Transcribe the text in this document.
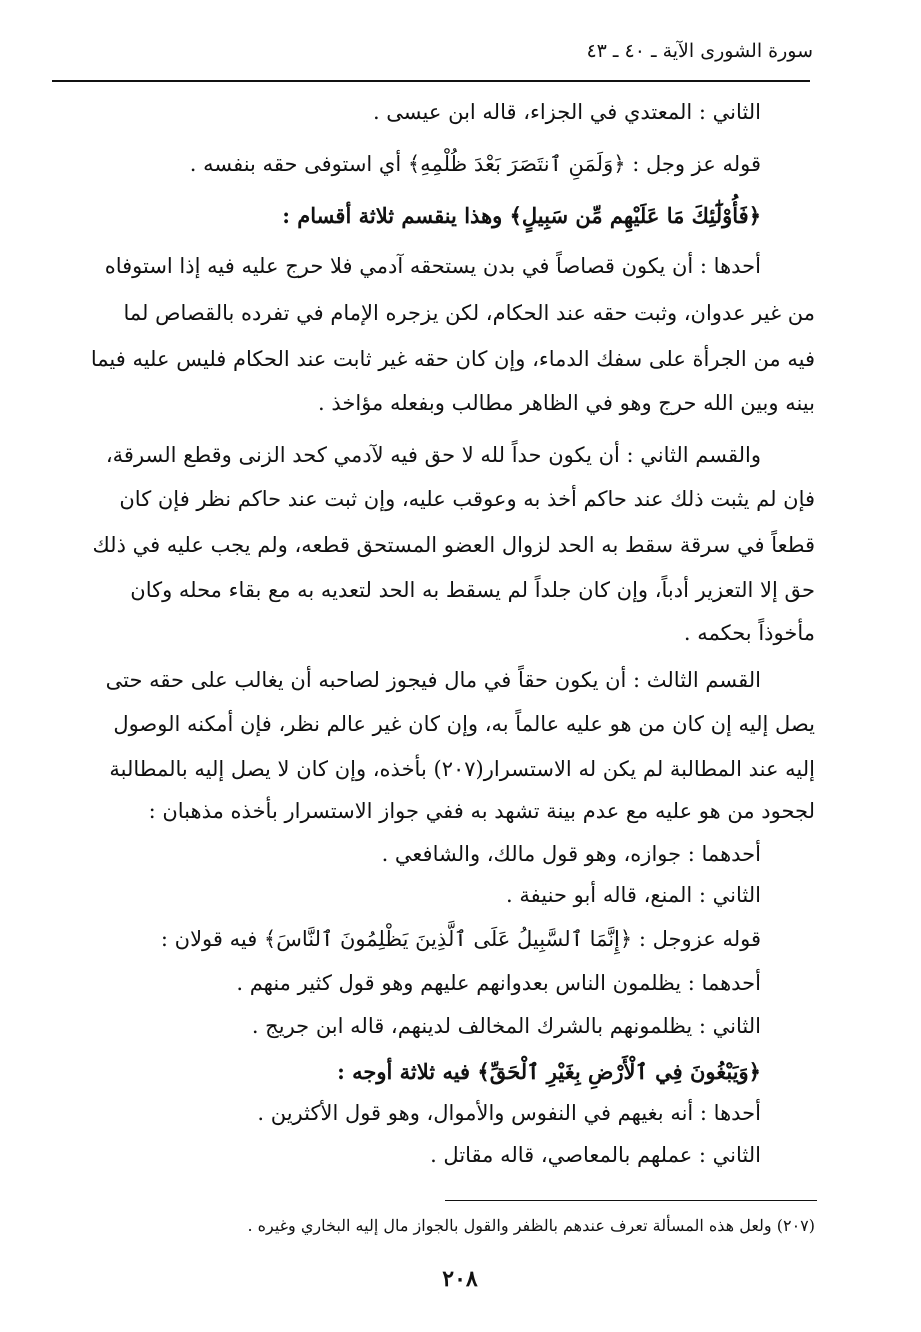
سورة الشورى الآية ـ ٤٠ ـ ٤٣
الثاني : المعتدي في الجزاء، قاله ابن عيسى .
قوله عز وجل : ﴿وَلَمَنِ ٱنتَصَرَ بَعْدَ ظُلْمِهِ﴾ أي استوفى حقه بنفسه .
﴿فَأُوْلَٰٓئِكَ مَا عَلَيْهِم مِّن سَبِيلٍ﴾ وهذا ينقسم ثلاثة أقسام :
أحدها : أن يكون قصاصاً في بدن يستحقه آدمي فلا حرج عليه فيه إذا استوفاه
من غير عدوان، وثبت حقه عند الحكام، لكن يزجره الإمام في تفرده بالقصاص لما
فيه من الجرأة على سفك الدماء، وإن كان حقه غير ثابت عند الحكام فليس عليه فيما
بينه وبين الله حرج وهو في الظاهر مطالب وبفعله مؤاخذ .
والقسم الثاني : أن يكون حداً لله لا حق فيه لآدمي كحد الزنى وقطع السرقة،
فإن لم يثبت ذلك عند حاكم أخذ به وعوقب عليه، وإن ثبت عند حاكم نظر فإن كان
قطعاً في سرقة سقط به الحد لزوال العضو المستحق قطعه، ولم يجب عليه في ذلك
حق إلا التعزير أدباً، وإن كان جلداً لم يسقط به الحد لتعديه به مع بقاء محله وكان
مأخوذاً بحكمه .
القسم الثالث : أن يكون حقاً في مال فيجوز لصاحبه أن يغالب على حقه حتى
يصل إليه إن كان من هو عليه عالماً به، وإن كان غير عالم نظر، فإن أمكنه الوصول
إليه عند المطالبة لم يكن له الاستسرار(٢٠٧) بأخذه، وإن كان لا يصل إليه بالمطالبة
لجحود من هو عليه مع عدم بينة تشهد به ففي جواز الاستسرار بأخذه مذهبان :
أحدهما : جوازه، وهو قول مالك، والشافعي .
الثاني : المنع، قاله أبو حنيفة .
قوله عزوجل : ﴿إِنَّمَا ٱلسَّبِيلُ عَلَى ٱلَّذِينَ يَظْلِمُونَ ٱلنَّاسَ﴾ فيه قولان :
أحدهما : يظلمون الناس بعدوانهم عليهم وهو قول كثير منهم .
الثاني : يظلمونهم بالشرك المخالف لدينهم، قاله ابن جريج .
﴿وَيَبْغُونَ فِي ٱلْأَرْضِ بِغَيْرِ ٱلْحَقِّ﴾ فيه ثلاثة أوجه :
أحدها : أنه بغيهم في النفوس والأموال، وهو قول الأكثرين .
الثاني : عملهم بالمعاصي، قاله مقاتل .
(٢٠٧) ولعل هذه المسألة تعرف عندهم بالظفر والقول بالجواز مال إليه البخاري وغيره .
٢٠٨
